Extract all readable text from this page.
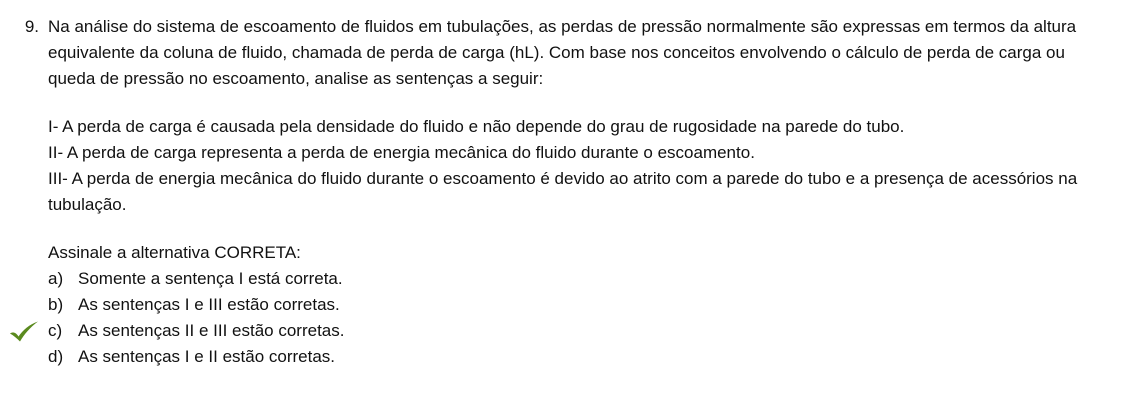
9. Na análise do sistema de escoamento de fluidos em tubulações, as perdas de pressão normalmente são expressas em termos da altura equivalente da coluna de fluido, chamada de perda de carga (hL). Com base nos conceitos envolvendo o cálculo de perda de carga ou queda de pressão no escoamento, analise as sentenças a seguir:

I- A perda de carga é causada pela densidade do fluido e não depende do grau de rugosidade na parede do tubo.

II- A perda de carga representa a perda de energia mecânica do fluido durante o escoamento.

III- A perda de energia mecânica do fluido durante o escoamento é devido ao atrito com a parede do tubo e a presença de acessórios na tubulação.

Assinale a alternativa CORRETA:

a) Somente a sentença I está correta.
b) As sentenças I e III estão corretas.
c) As sentenças II e III estão corretas.
d) As sentenças I e II estão corretas.
